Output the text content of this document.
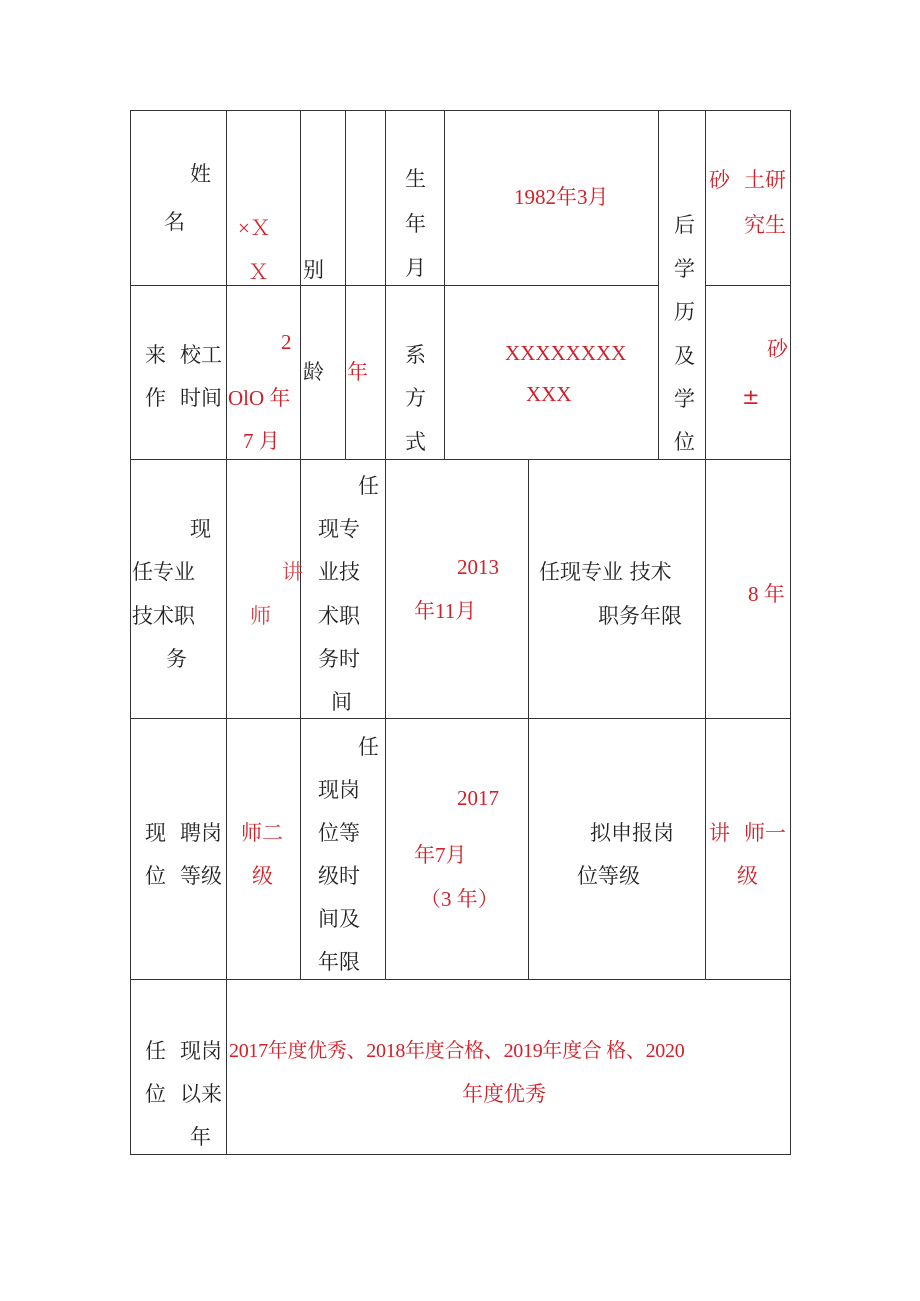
姓
名	×Ｘ
Ｘ 别
生
年
月
1982年3月
砂 土研
究生
后
学
历
及
学
位
来 校工
作 时间
2
OlO 年
7 月
龄 年
系
方
式
XXXXXXXX
XXX
砂
±
现
任专业
技术职
务
讲
师
任
现专
业技
术职
务时
间
2013
年11月
任现专业 技术
职务年限
8 年
现 聘岗
位 等级
师二
级
任
现岗
位等
级时
间及
年限
2017
年7月
（3 年）
拟申报岗
位等级
讲 师一
级
任 现岗
位 以来
年
2017年度优秀、2018年度合格、2019年度合 格、2020
年度优秀
